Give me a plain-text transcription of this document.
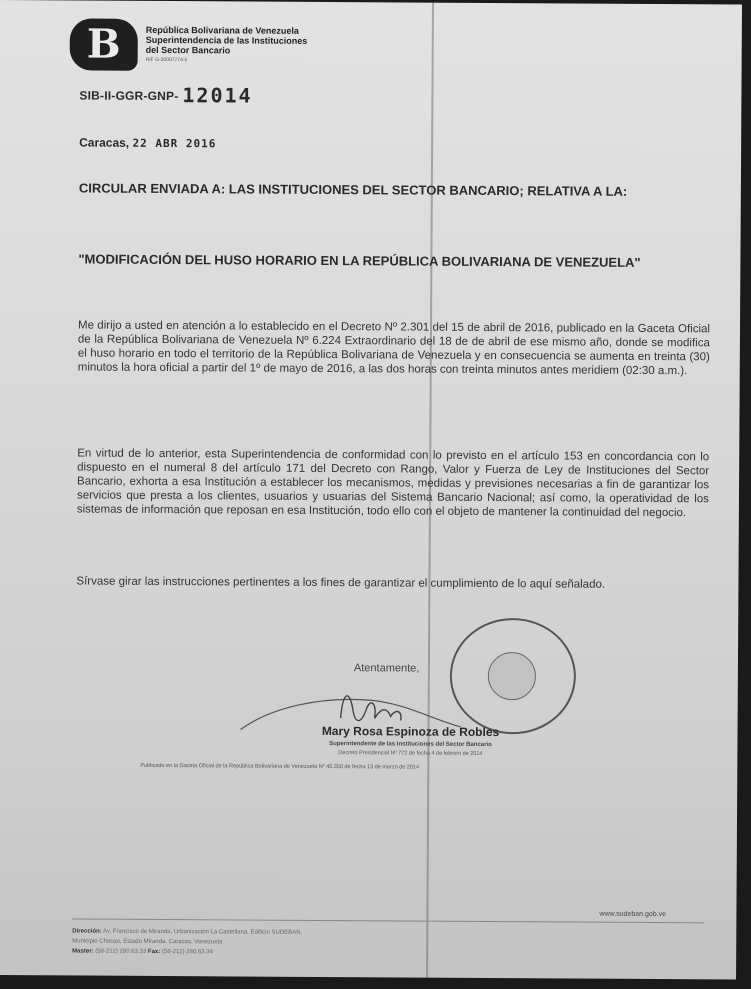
B	República Bolivariana de Venezuela
Superintendencia de las Instituciones
del Sector Bancario
RIF G-20007774-5
SIB-II-GGR-GNP- 12014
Caracas, 22 ABR 2016
CIRCULAR ENVIADA A: LAS INSTITUCIONES DEL SECTOR BANCARIO; RELATIVA A LA:
"MODIFICACIÓN DEL HUSO HORARIO EN LA REPÚBLICA BOLIVARIANA DE VENEZUELA"
Me dirijo a usted en atención a lo establecido en el Decreto Nº 2.301 del 15 de abril de 2016, publicado en la Gaceta Oficial de la República Bolivariana de Venezuela Nº 6.224 Extraordinario del 18 de de abril de ese mismo año, donde se modifica el huso horario en todo el territorio de la República Bolivariana de Venezuela y en consecuencia se aumenta en treinta (30) minutos la hora oficial a partir del 1º de mayo de 2016, a las dos horas con treinta minutos antes meridiem (02:30 a.m.).
En virtud de lo anterior, esta Superintendencia de conformidad con lo previsto en el artículo 153 en concordancia con lo dispuesto en el numeral 8 del artículo 171 del Decreto con Rango, Valor y Fuerza de Ley de Instituciones del Sector Bancario, exhorta a esa Institución a establecer los mecanismos, medidas y previsiones necesarias a fin de garantizar los servicios que presta a los clientes, usuarios y usuarias del Sistema Bancario Nacional; así como, la operatividad de los sistemas de información que reposan en esa Institución, todo ello con el objeto de mantener la continuidad del negocio.
Sírvase girar las instrucciones pertinentes a los fines de garantizar el cumplimiento de lo aquí señalado.
Atentamente,
Mary Rosa Espinoza de Robles
Superintendente de las Instituciones del Sector Bancario
Decreto Presidencial Nº 772 de fecha 4 de febrero de 2014
Publicado en la Gaceta Oficial de la República Bolivariana de Venezuela Nº 40.350 de fecha 13 de marzo de 2014
www.sudeban.gob.ve
Dirección: Av. Francisco de Miranda, Urbanización La Castellana, Edificio SUDEBAN,
Municipio Chacao, Estado Miranda. Caracas, Venezuela
Master: (58-212) 280.63.33 Fax: (58-212) 280.63.34
